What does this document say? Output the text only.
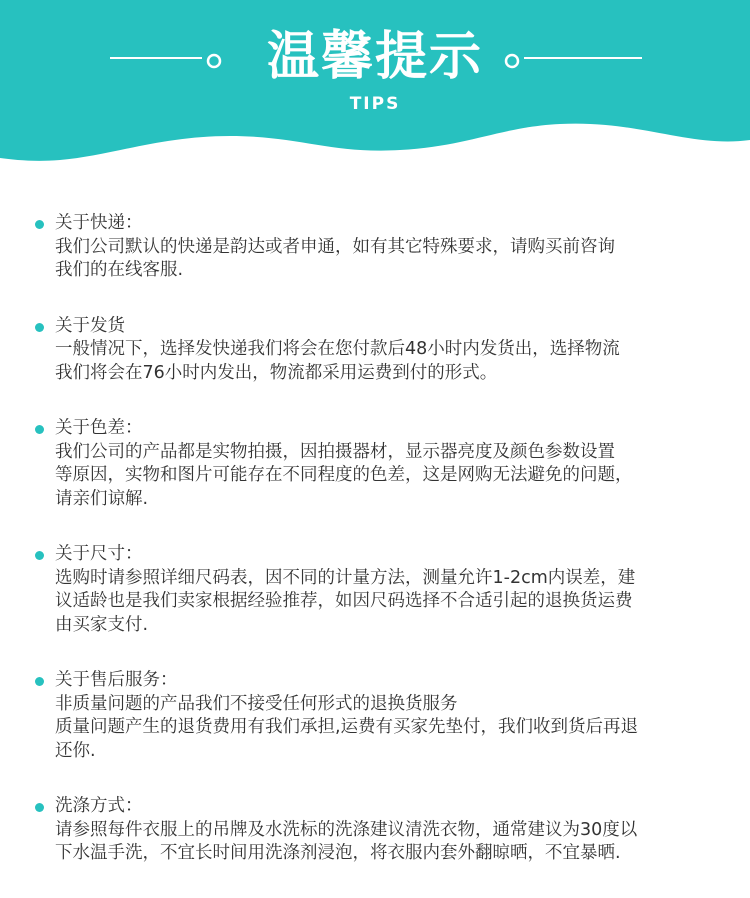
温馨提示
TIPS
关于快递：
我们公司默认的快递是韵达或者申通，如有其它特殊要求，请购买前咨询
我们的在线客服.
关于发货
一般情况下，选择发快递我们将会在您付款后48小时内发货出，选择物流
我们将会在76小时内发出，物流都采用运费到付的形式。
关于色差：
我们公司的产品都是实物拍摄，因拍摄器材，显示器亮度及颜色参数设置
等原因，实物和图片可能存在不同程度的色差，这是网购无法避免的问题，
请亲们谅解.
关于尺寸：
选购时请参照详细尺码表，因不同的计量方法，测量允许1-2cm内误差，建
议适龄也是我们卖家根据经验推荐，如因尺码选择不合适引起的退换货运费
由买家支付.
关于售后服务：
非质量问题的产品我们不接受任何形式的退换货服务
质量问题产生的退货费用有我们承担,运费有买家先垫付，我们收到货后再退
还你.
洗涤方式：
请参照每件衣服上的吊牌及水洗标的洗涤建议清洗衣物，通常建议为30度以
下水温手洗，不宜长时间用洗涤剂浸泡，将衣服内套外翻晾晒，不宜暴晒.
